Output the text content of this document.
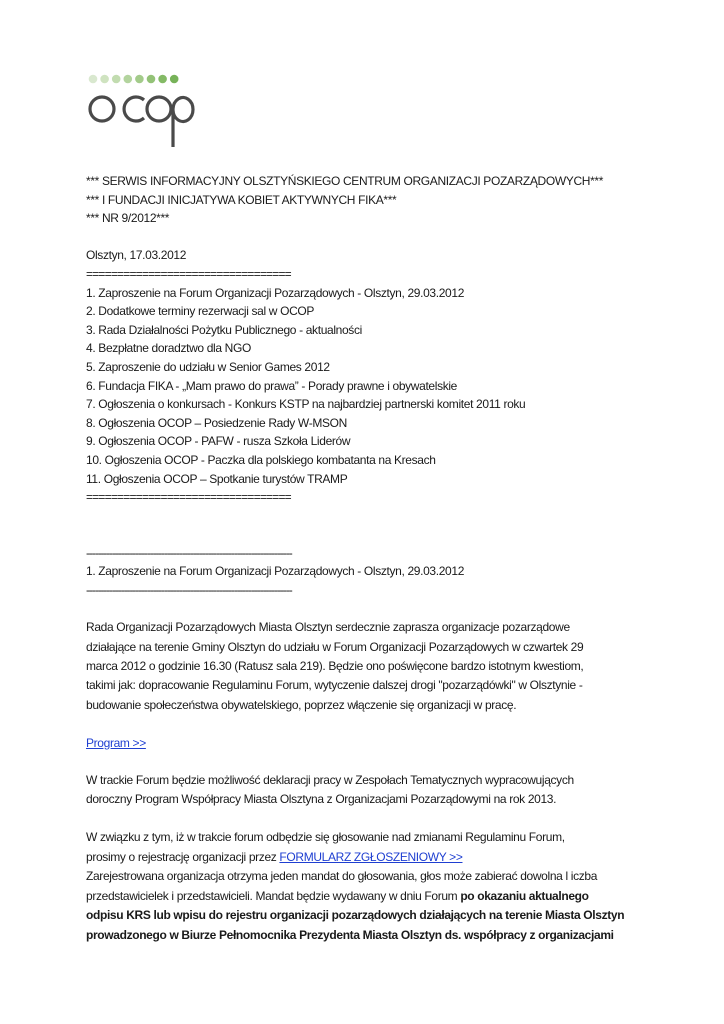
*** SERWIS INFORMACYJNY OLSZTYŃSKIEGO CENTRUM ORGANIZACJI POZARZĄDOWYCH***
*** I FUNDACJI INICJATYWA KOBIET AKTYWNYCH FIKA***
*** NR 9/2012***
Olsztyn, 17.03.2012
=================================
1. Zaproszenie na Forum Organizacji Pozarządowych - Olsztyn, 29.03.2012
2. Dodatkowe terminy rezerwacji sal w OCOP
3. Rada Działalności Pożytku Publicznego - aktualności
4. Bezpłatne doradztwo dla NGO
5. Zaproszenie do udziału w Senior Games 2012
6. Fundacja FIKA - „Mam prawo do prawa” - Porady prawne i obywatelskie
7. Ogłoszenia o konkursach - Konkurs KSTP na najbardziej partnerski komitet 2011 roku
8. Ogłoszenia OCOP – Posiedzenie Rady W-MSON
9. Ogłoszenia OCOP - PAFW - rusza Szkoła Liderów
10. Ogłoszenia OCOP - Paczka dla polskiego kombatanta na Kresach
11. Ogłoszenia OCOP – Spotkanie turystów TRAMP
=================================
-----------------------------------------------------------------------
1. Zaproszenie na Forum Organizacji Pozarządowych - Olsztyn, 29.03.2012
-----------------------------------------------------------------------

Rada Organizacji Pozarządowych Miasta Olsztyn serdecznie zaprasza organizacje pozarządowe
działające na terenie Gminy Olsztyn do udziału w Forum Organizacji Pozarządowych w czwartek 29
marca 2012 o godzinie 16.30 (Ratusz sala 219). Będzie ono poświęcone bardzo istotnym kwestiom,
takimi jak: dopracowanie Regulaminu Forum, wytyczenie dalszej drogi "pozarządówki" w Olsztynie -
budowanie społeczeństwa obywatelskiego, poprzez włączenie się organizacji w pracę.

Program >>

W trackie Forum będzie możliwość deklaracji pracy w Zespołach Tematycznych wypracowujących
doroczny Program Współpracy Miasta Olsztyna z Organizacjami Pozarządowymi na rok 2013.

W związku z tym, iż w trakcie forum odbędzie się głosowanie nad zmianami Regulaminu Forum,
prosimy o rejestrację organizacji przez FORMULARZ ZGŁOSZENIOWY >>
Zarejestrowana organizacja otrzyma jeden mandat do głosowania, głos może zabierać dowolna l iczba
przedstawicielek i przedstawicieli. Mandat będzie wydawany w dniu Forum po okazaniu aktualnego
odpisu KRS lub wpisu do rejestru organizacji pozarządowych działających na terenie Miasta Olsztyn
prowadzonego w Biurze Pełnomocnika Prezydenta Miasta Olsztyn ds. współpracy z organizacjami
